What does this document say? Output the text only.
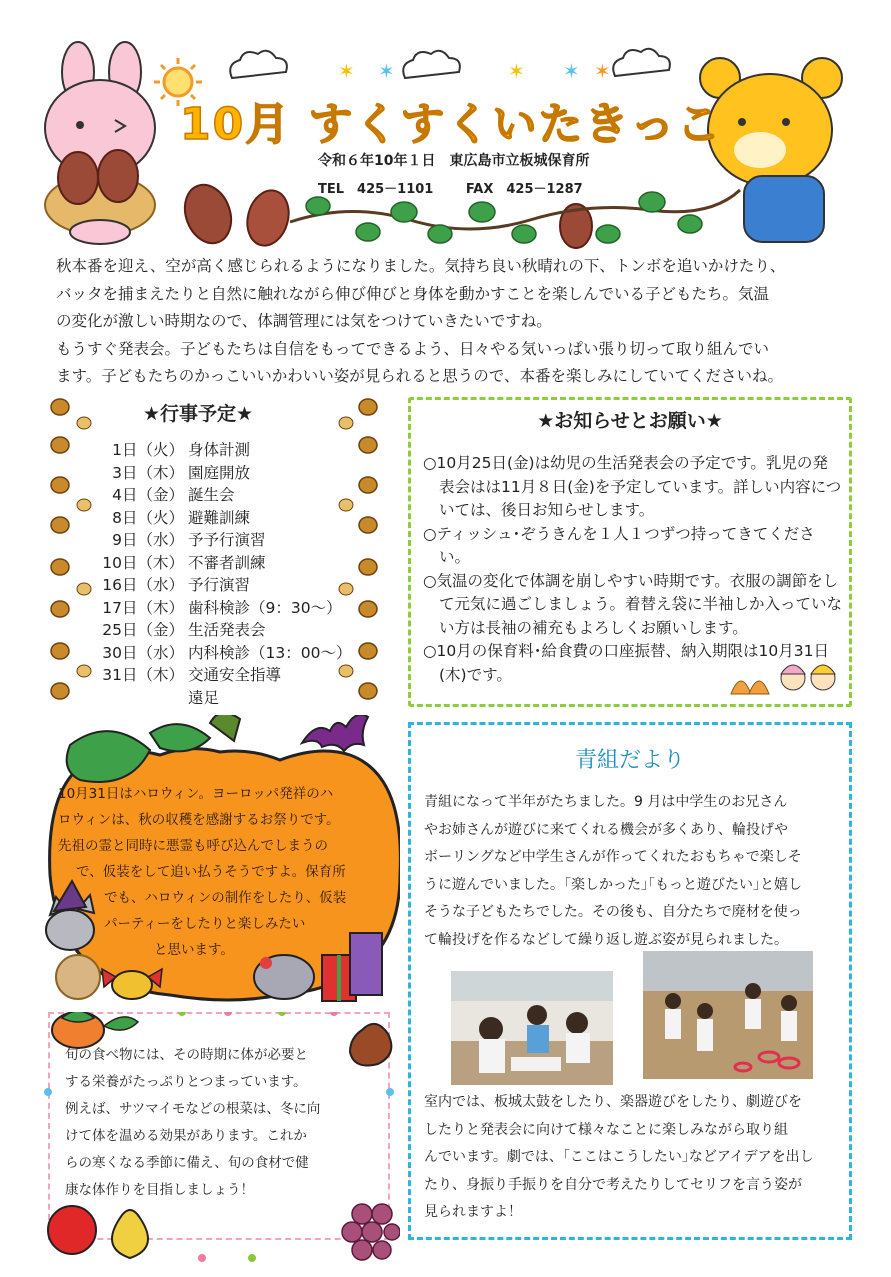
✶ ✶	✶ ✶ ✶
10月 すくすくいたきっこ
令和６年10年１日　東広島市立板城保育所
TEL　425－1101	FAX　425－1287

秋本番を迎え、空が高く感じられるようになりました。気持ち良い秋晴れの下、トンボを追いかけたり、

バッタを捕まえたりと自然に触れながら伸び伸びと身体を動かすことを楽しんでいる子どもたち。気温

の変化が激しい時期なので、体調管理には気をつけていきたいですね。

もうすぐ発表会。子どもたちは自信をもってできるよう、日々やる気いっぱい張り切って取り組んでい

ます。子どもたちのかっこいいかわいい姿が見られると思うので、本番を楽しみにしていてくださいね。

★行事予定★
1日（火） 身体計測
3日（木） 園庭開放
4日（金） 誕生会
8日（火） 避難訓練
9日（水） 予予行演習
10日（木） 不審者訓練
16日（水） 予行演習
17日（木） 歯科検診（9：30～）
25日（金） 生活発表会
30日（水） 内科検診（13：00～）
31日（木） 交通安全指導
遠足
★お知らせとお願い★

○10月25日(金)は幼児の生活発表会の予定です。乳児の発表会はは11月８日(金)を予定しています。詳しい内容については、後日お知らせします。

○ティッシュ･ぞうきんを１人１つずつ持ってきてください。

○気温の変化で体調を崩しやすい時期です。衣服の調節をして元気に過ごしましょう。着替え袋に半袖しか入っていない方は長袖の補充もよろしくお願いします。

○10月の保育料･給食費の口座振替、納入期限は10月31日(木)です。

10月31日はハロウィン。ヨーロッパ発祥のハ

ロウィンは、秋の収穫を感謝するお祭りです。

先祖の霊と同時に悪霊も呼び込んでしまうの

で、仮装をして追い払うそうですよ。保育所

でも、ハロウィンの制作をしたり、仮装

パーティーをしたりと楽しみたい

と思います。

旬の食べ物には、その時期に体が必要と

する栄養がたっぷりとつまっています。

例えば、サツマイモなどの根菜は、冬に向

けて体を温める効果があります。これか

らの寒くなる季節に備え、旬の食材で健

康な体作りを目指しましょう！

青組だより

青組になって半年がたちました。9 月は中学生のお兄さん

やお姉さんが遊びに来てくれる機会が多くあり、輪投げや

ボーリングなど中学生さんが作ってくれたおもちゃで楽しそ

うに遊んでいました。｢楽しかった｣｢もっと遊びたい｣と嬉し

そうな子どもたちでした。その後も、自分たちで廃材を使っ

て輪投げを作るなどして繰り返し遊ぶ姿が見られました。

室内では、板城太鼓をしたり、楽器遊びをしたり、劇遊びを

したりと発表会に向けて様々なことに楽しみながら取り組

んでいます。劇では、｢ここはこうしたい｣などアイデアを出し

たり、身振り手振りを自分で考えたりしてセリフを言う姿が

見られますよ！
